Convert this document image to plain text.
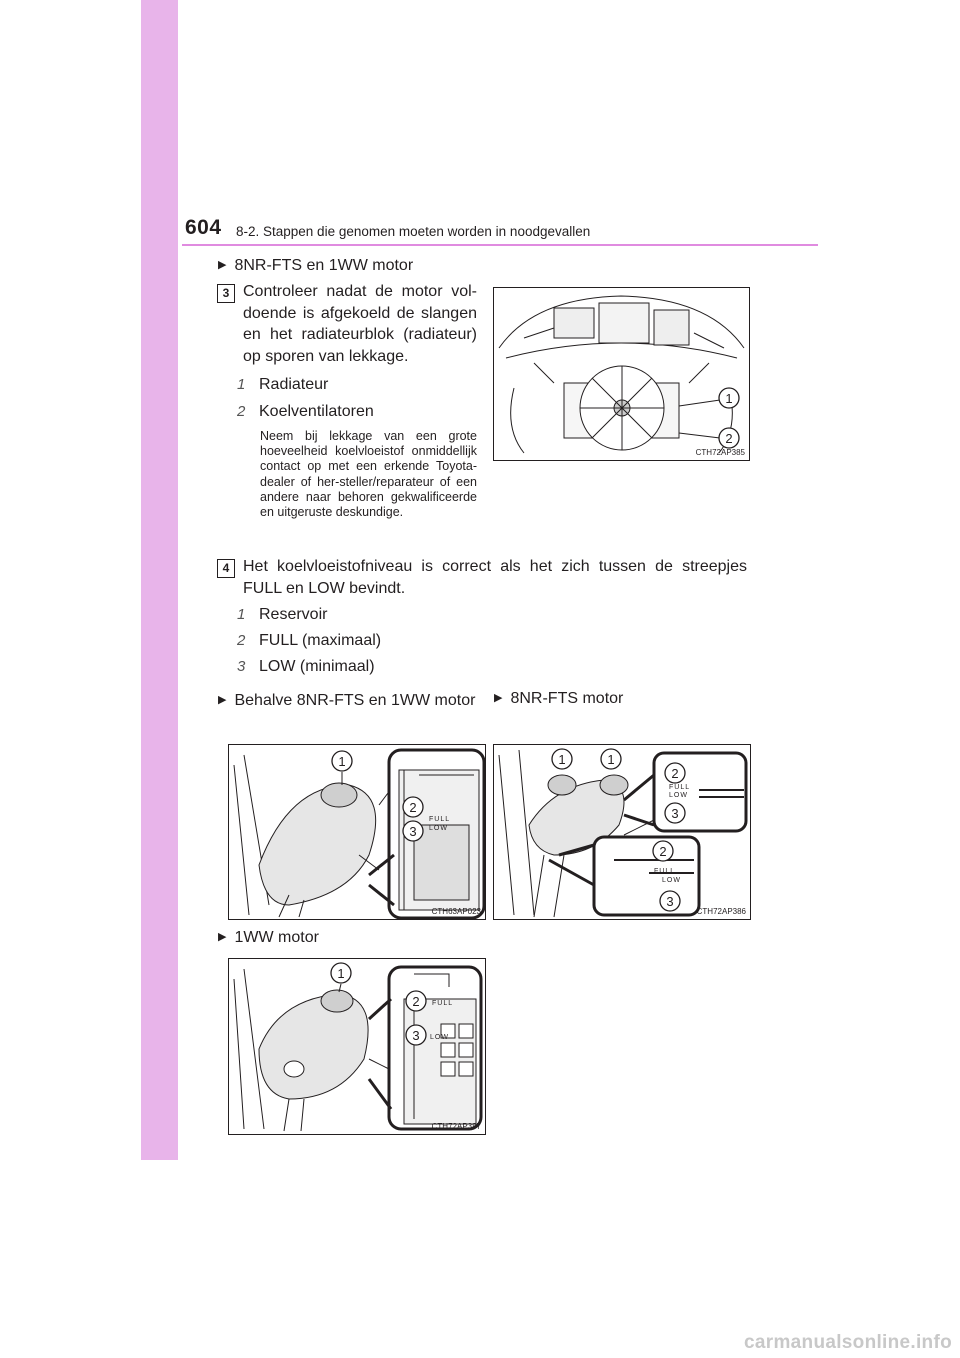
604 8-2. Stappen die genomen moeten worden in noodgevallen
▶ 8NR-FTS en 1WW motor
3 Controleer nadat de motor vol-doende is afgekoeld de slangen en het radiateurblok (radiateur) op sporen van lekkage.
1 Radiateur
2 Koelventilatoren
Neem bij lekkage van een grote hoeveelheid koelvloeistof onmiddellijk contact op met een erkende Toyota-dealer of her-steller/reparateur of een andere naar behoren gekwalificeerde en uitgeruste deskundige.
1
2
CTH72AP385
4 Het koelvloeistofniveau is correct als het zich tussen de streepjes FULL en LOW bevindt.
1 Reservoir
2 FULL (maximaal)
3 LOW (minimaal)
▶ Behalve 8NR-FTS en 1WW motor ▶ 8NR-FTS motor
FULL
LOW
1
2
3
CTH63AP023
FULL
LOW
FULL
LOW
1	1
2
3
2
3
CTH72AP386
▶ 1WW motor
FULL
LOW
1
2
3
CTH72AP387
carmanualsonline.info
